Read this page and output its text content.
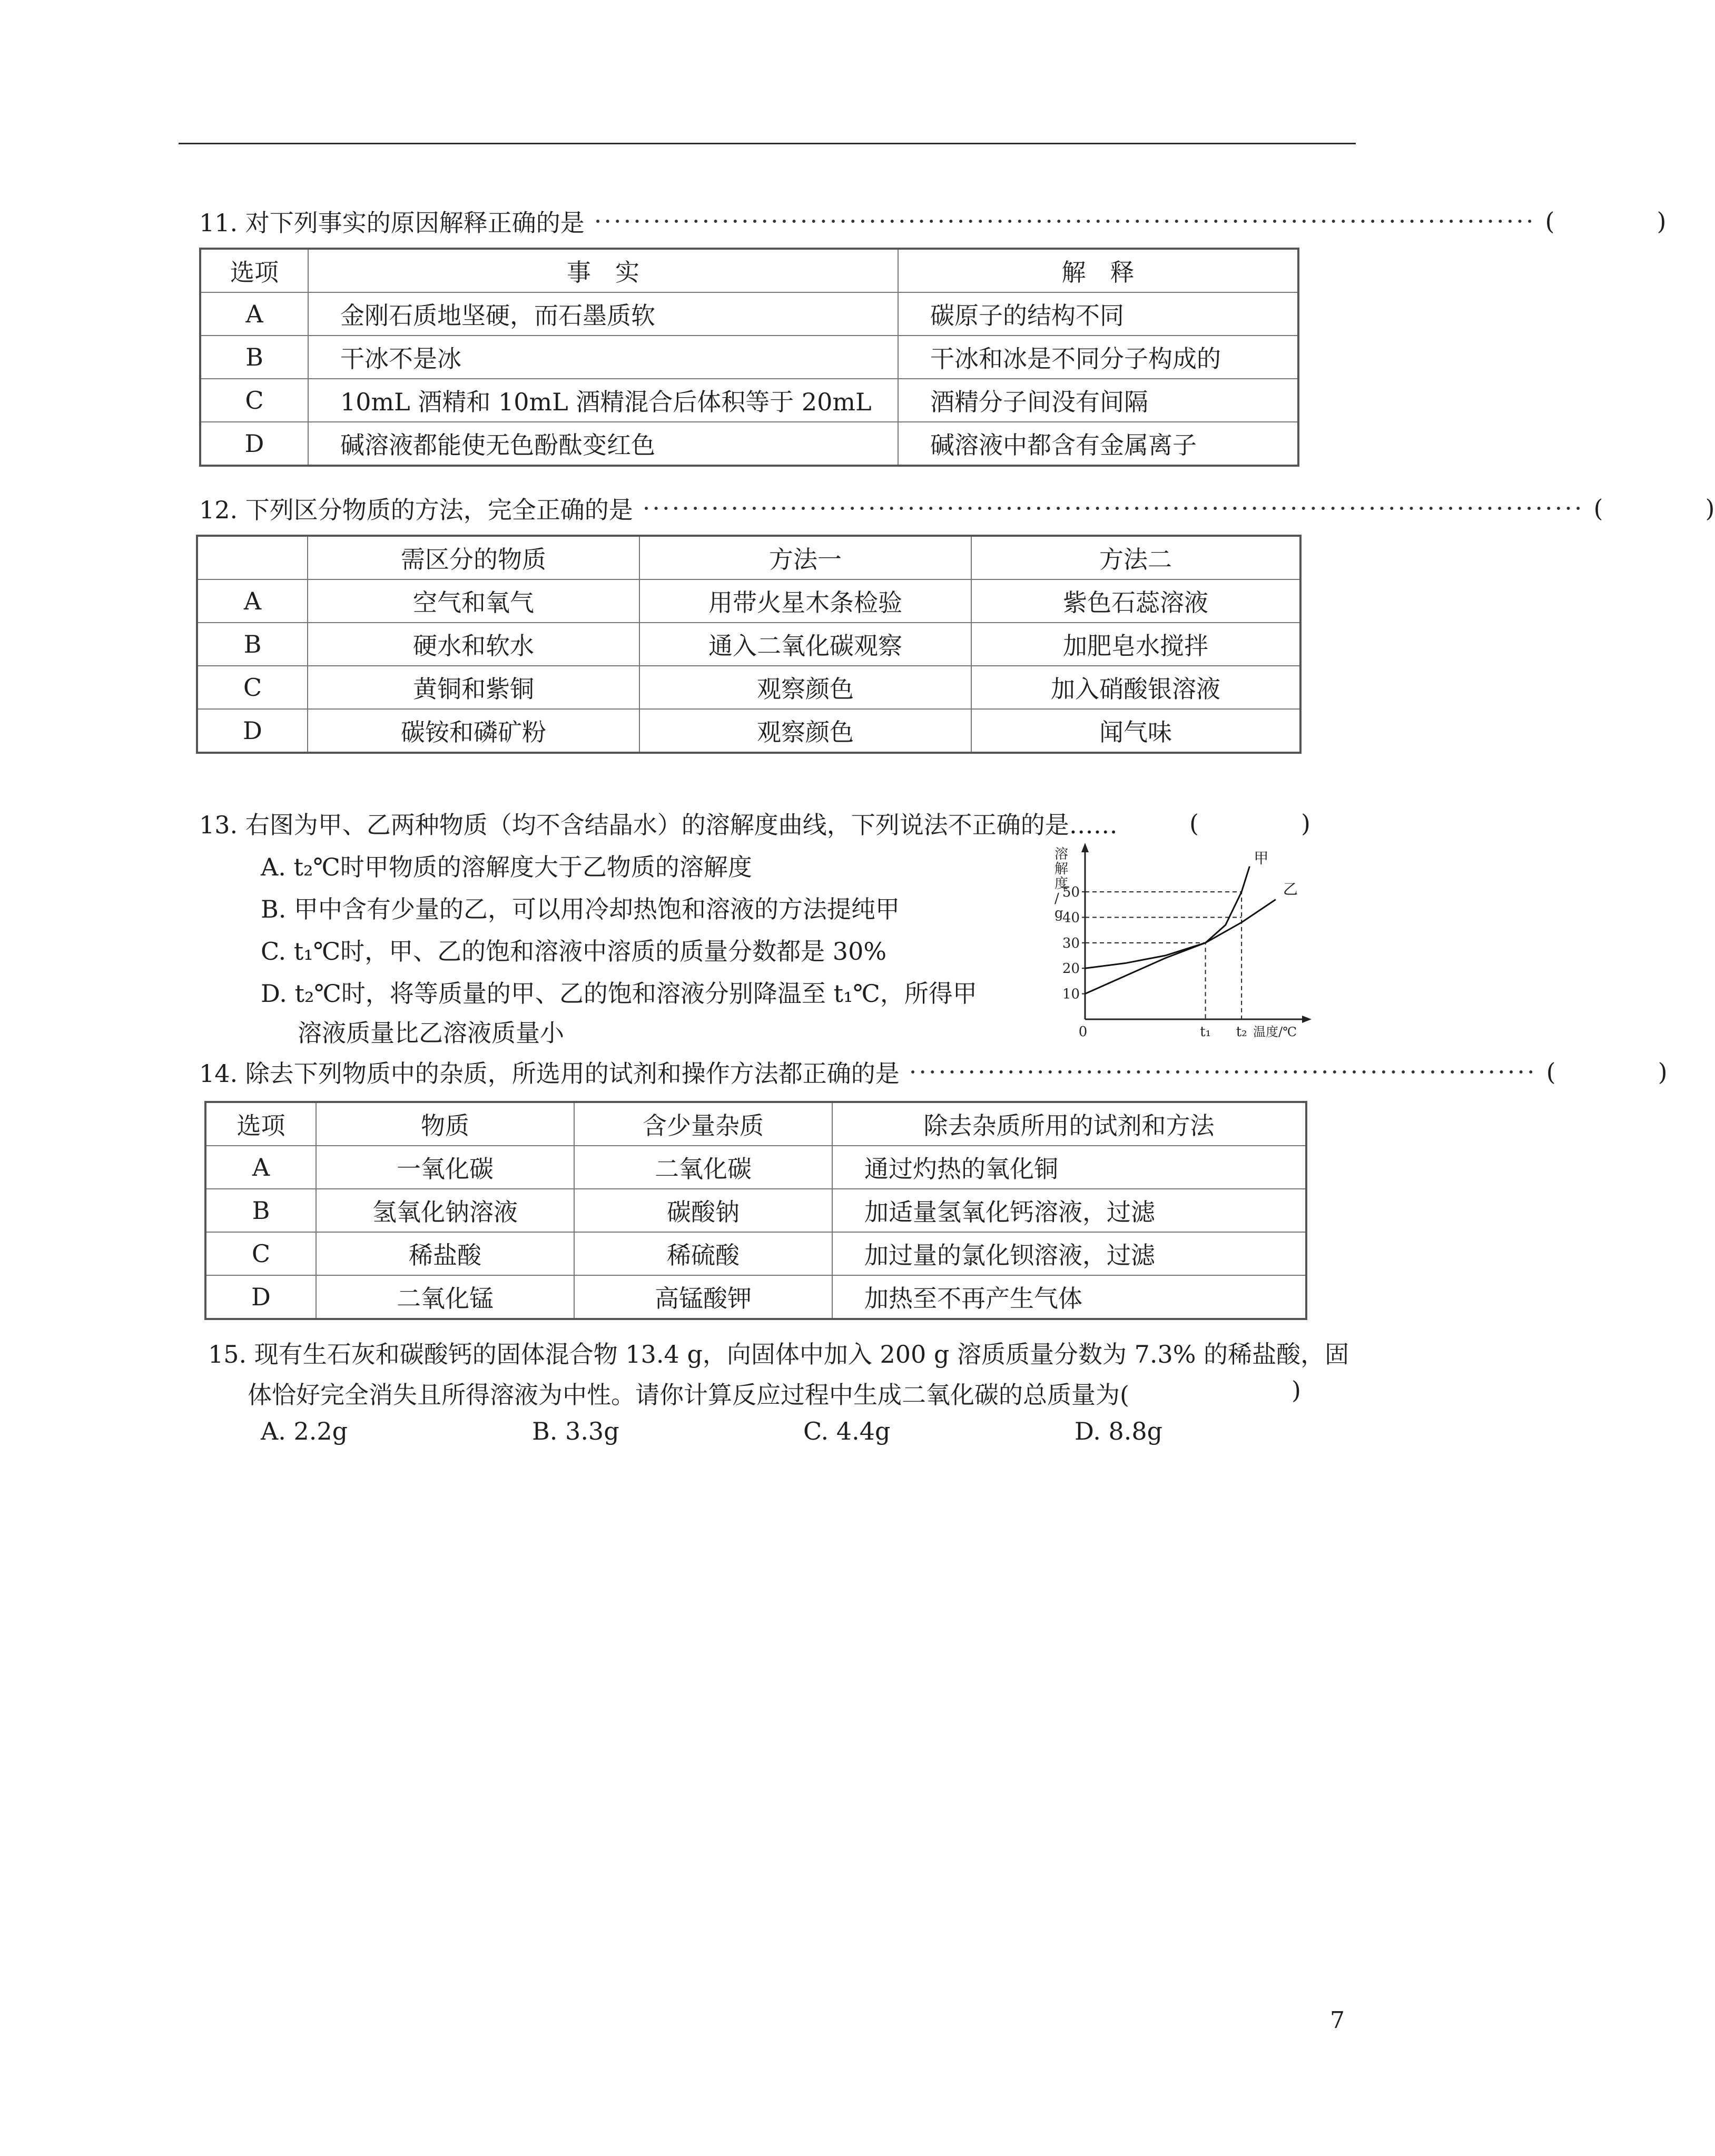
11. 对下列事实的原因解释正确的是 ································································································ (	)
选项	事　实	解　释
A	金刚石质地坚硬，而石墨质软	碳原子的结构不同
B	干冰不是冰	干冰和冰是不同分子构成的
C	10mL 酒精和 10mL 酒精混合后体积等于 20mL	酒精分子间没有间隔
D	碱溶液都能使无色酚酞变红色	碱溶液中都含有金属离子
12. 下列区分物质的方法，完全正确的是 ································································································ (	)
	需区分的物质	方法一	方法二
A	空气和氧气	用带火星木条检验	紫色石蕊溶液
B	硬水和软水	通入二氧化碳观察	加肥皂水搅拌
C	黄铜和紫铜	观察颜色	加入硝酸银溶液
D	碳铵和磷矿粉	观察颜色	闻气味
13. 右图为甲、乙两种物质（均不含结晶水）的溶解度曲线，下列说法不正确的是……	(	)
A. t₂℃时甲物质的溶解度大于乙物质的溶解度
B. 甲中含有少量的乙，可以用冷却热饱和溶液的方法提纯甲
C. t₁℃时，甲、乙的饱和溶液中溶质的质量分数都是 30%
D. t₂℃时，将等质量的甲、乙的饱和溶液分别降温至 t₁℃，所得甲
溶液质量比乙溶液质量小
溶
解
度
/
g
10
20
30
40
50
0	t₁ t₂ 温度/℃
甲
乙
14. 除去下列物质中的杂质，所选用的试剂和操作方法都正确的是 ································································ (	)
选项	物质	含少量杂质	除去杂质所用的试剂和方法
A	一氧化碳	二氧化碳	通过灼热的氧化铜
B	氢氧化钠溶液	碳酸钠	加适量氢氧化钙溶液，过滤
C	稀盐酸	稀硫酸	加过量的氯化钡溶液，过滤
D	二氧化锰	高锰酸钾	加热至不再产生气体
15. 现有生石灰和碳酸钙的固体混合物 13.4 g，向固体中加入 200 g 溶质质量分数为 7.3% 的稀盐酸，固
体恰好完全消失且所得溶液为中性。请你计算反应过程中生成二氧化碳的总质量为(	)
A. 2.2g	B. 3.3g	C. 4.4g	D. 8.8g
7
